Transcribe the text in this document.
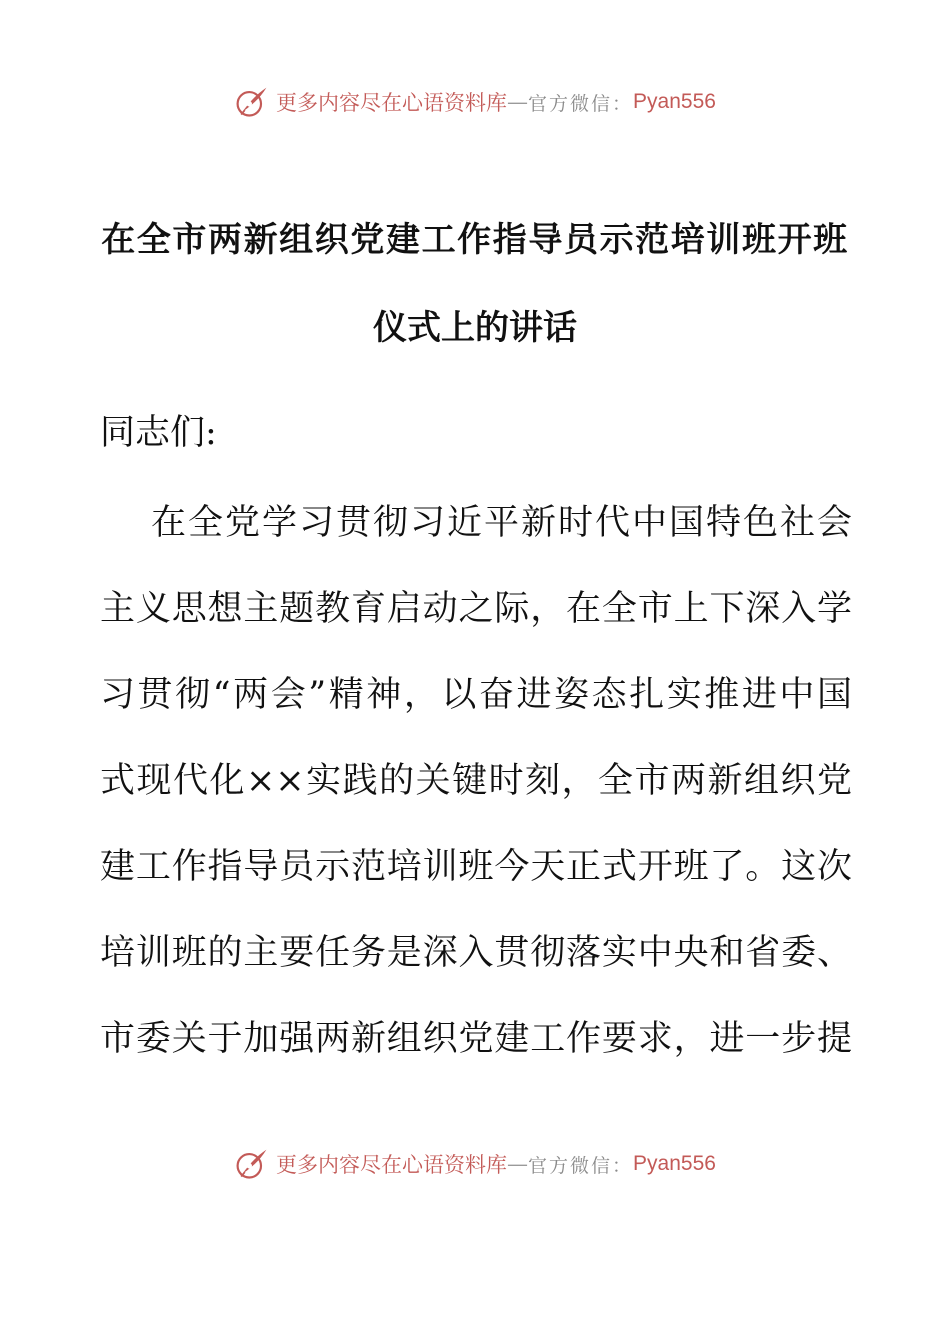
更多内容尽在心语资料库 — 官方微信： Pyan556
在全市两新组织党建工作指导员示范培训班开班
仪式上的讲话
同志们:
在全党学习贯彻习近平新时代中国特色社会
主义思想主题教育启动之际，在全市上下深入学
习贯彻“两会”精神，以奋进姿态扎实推进中国
式现代化××实践的关键时刻，全市两新组织党
建工作指导员示范培训班今天正式开班了。这次
培训班的主要任务是深入贯彻落实中央和省委、
市委关于加强两新组织党建工作要求，进一步提
更多内容尽在心语资料库 — 官方微信： Pyan556
